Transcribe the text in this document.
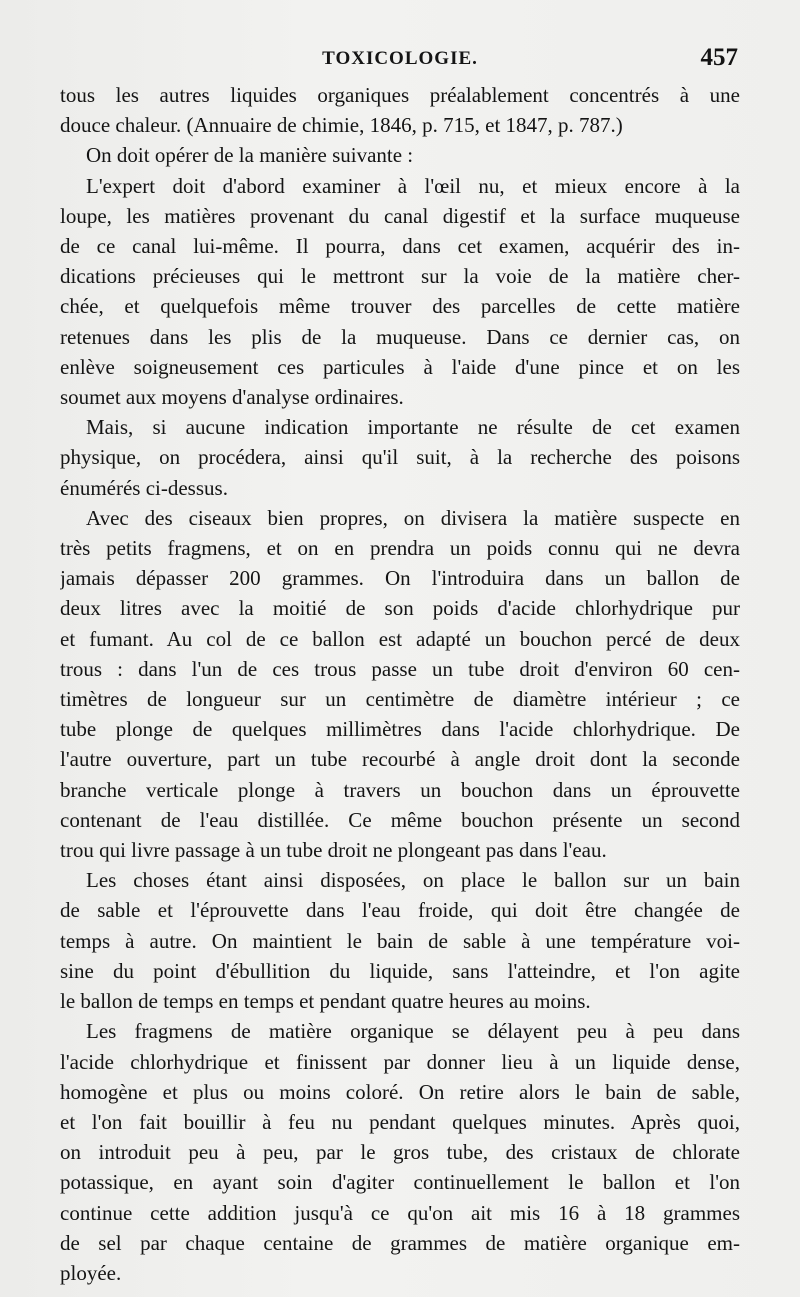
TOXICOLOGIE.	457
tous les autres liquides organiques préalablement concentrés à une
douce chaleur. (Annuaire de chimie, 1846, p. 715, et 1847, p. 787.)
On doit opérer de la manière suivante :
L'expert doit d'abord examiner à l'œil nu, et mieux encore à la
loupe, les matières provenant du canal digestif et la surface muqueuse
de ce canal lui-même. Il pourra, dans cet examen, acquérir des in-
dications précieuses qui le mettront sur la voie de la matière cher-
chée, et quelquefois même trouver des parcelles de cette matière
retenues dans les plis de la muqueuse. Dans ce dernier cas, on
enlève soigneusement ces particules à l'aide d'une pince et on les
soumet aux moyens d'analyse ordinaires.
Mais, si aucune indication importante ne résulte de cet examen
physique, on procédera, ainsi qu'il suit, à la recherche des poisons
énumérés ci-dessus.
Avec des ciseaux bien propres, on divisera la matière suspecte en
très petits fragmens, et on en prendra un poids connu qui ne devra
jamais dépasser 200 grammes. On l'introduira dans un ballon de
deux litres avec la moitié de son poids d'acide chlorhydrique pur
et fumant. Au col de ce ballon est adapté un bouchon percé de deux
trous : dans l'un de ces trous passe un tube droit d'environ 60 cen-
timètres de longueur sur un centimètre de diamètre intérieur ; ce
tube plonge de quelques millimètres dans l'acide chlorhydrique. De
l'autre ouverture, part un tube recourbé à angle droit dont la seconde
branche verticale plonge à travers un bouchon dans un éprouvette
contenant de l'eau distillée. Ce même bouchon présente un second
trou qui livre passage à un tube droit ne plongeant pas dans l'eau.
Les choses étant ainsi disposées, on place le ballon sur un bain
de sable et l'éprouvette dans l'eau froide, qui doit être changée de
temps à autre. On maintient le bain de sable à une température voi-
sine du point d'ébullition du liquide, sans l'atteindre, et l'on agite
le ballon de temps en temps et pendant quatre heures au moins.
Les fragmens de matière organique se délayent peu à peu dans
l'acide chlorhydrique et finissent par donner lieu à un liquide dense,
homogène et plus ou moins coloré. On retire alors le bain de sable,
et l'on fait bouillir à feu nu pendant quelques minutes. Après quoi,
on introduit peu à peu, par le gros tube, des cristaux de chlorate
potassique, en ayant soin d'agiter continuellement le ballon et l'on
continue cette addition jusqu'à ce qu'on ait mis 16 à 18 grammes
de sel par chaque centaine de grammes de matière organique em-
ployée.
